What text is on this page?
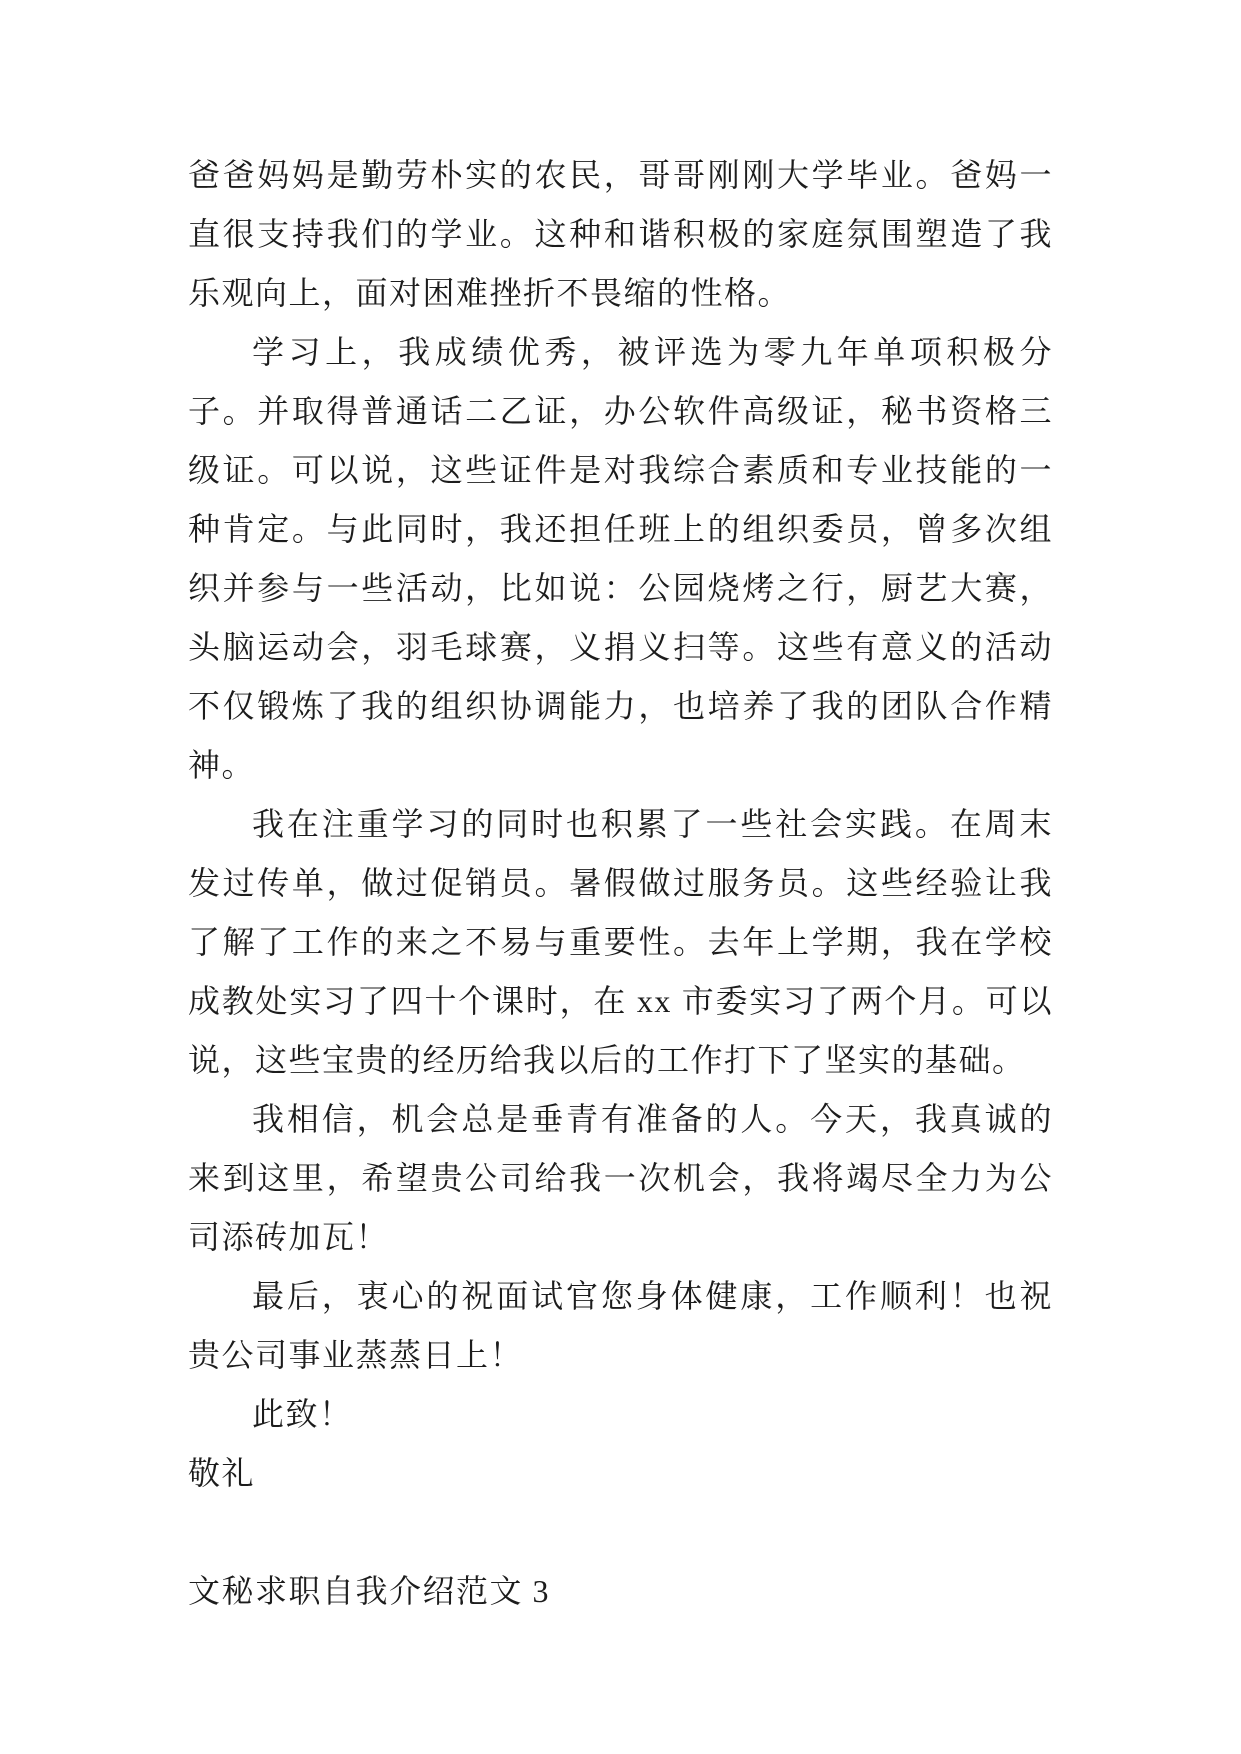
爸爸妈妈是勤劳朴实的农民，哥哥刚刚大学毕业。爸妈一直很支持我们的学业。这种和谐积极的家庭氛围塑造了我乐观向上，面对困难挫折不畏缩的性格。

学习上，我成绩优秀，被评选为零九年单项积极分子。并取得普通话二乙证，办公软件高级证，秘书资格三级证。可以说，这些证件是对我综合素质和专业技能的一种肯定。与此同时，我还担任班上的组织委员，曾多次组织并参与一些活动，比如说：公园烧烤之行，厨艺大赛，头脑运动会，羽毛球赛，义捐义扫等。这些有意义的活动不仅锻炼了我的组织协调能力，也培养了我的团队合作精神。

我在注重学习的同时也积累了一些社会实践。在周末发过传单，做过促销员。暑假做过服务员。这些经验让我了解了工作的来之不易与重要性。去年上学期，我在学校成教处实习了四十个课时，在 xx 市委实习了两个月。可以说，这些宝贵的经历给我以后的工作打下了坚实的基础。

我相信，机会总是垂青有准备的人。今天，我真诚的来到这里，希望贵公司给我一次机会，我将竭尽全力为公司添砖加瓦！

最后，衷心的祝面试官您身体健康，工作顺利！也祝贵公司事业蒸蒸日上！

此致！

敬礼

文秘求职自我介绍范文 3
